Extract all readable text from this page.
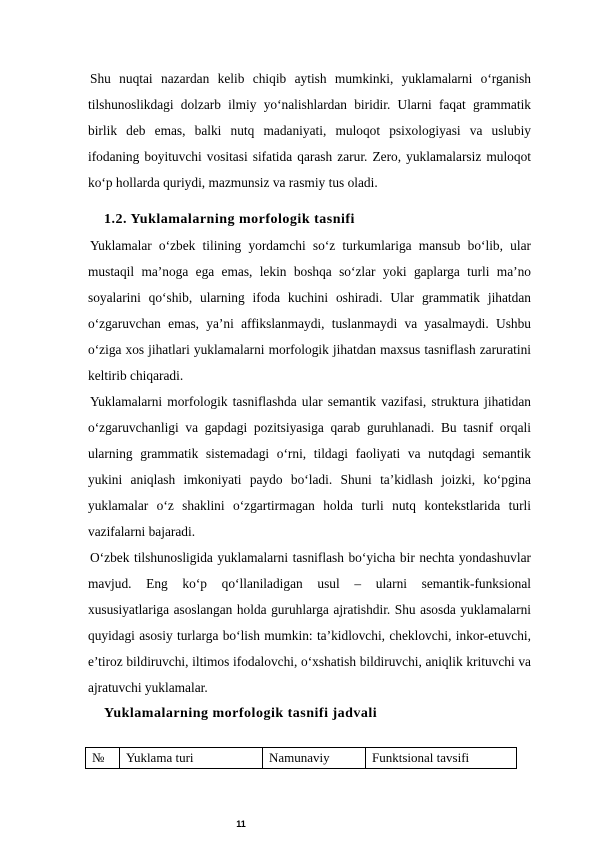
Shu nuqtai nazardan kelib chiqib aytish mumkinki, yuklamalarni o‘rganish tilshunoslikdagi dolzarb ilmiy yo‘nalishlardan biridir. Ularni faqat grammatik birlik deb emas, balki nutq madaniyati, muloqot psixologiyasi va uslubiy ifodaning boyituvchi vositasi sifatida qarash zarur. Zero, yuklamalarsiz muloqot ko‘p hollarda quriydi, mazmunsiz va rasmiy tus oladi.

1.2. Yuklamalarning morfologik tasnifi

Yuklamalar o‘zbek tilining yordamchi so‘z turkumlariga mansub bo‘lib, ular mustaqil ma’noga ega emas, lekin boshqa so‘zlar yoki gaplarga turli ma’no soyalarini qo‘shib, ularning ifoda kuchini oshiradi. Ular grammatik jihatdan o‘zgaruvchan emas, ya’ni affikslanmaydi, tuslanmaydi va yasalmaydi. Ushbu o‘ziga xos jihatlari yuklamalarni morfologik jihatdan maxsus tasniflash zaruratini keltirib chiqaradi.

Yuklamalarni morfologik tasniflashda ular semantik vazifasi, struktura jihatidan o‘zgaruvchanligi va gapdagi pozitsiyasiga qarab guruhlanadi. Bu tasnif orqali ularning grammatik sistemadagi o‘rni, tildagi faoliyati va nutqdagi semantik yukini aniqlash imkoniyati paydo bo‘ladi. Shuni ta’kidlash joizki, ko‘pgina yuklamalar o‘z shaklini o‘zgartirmagan holda turli nutq kontekstlarida turli vazifalarni bajaradi.

O‘zbek tilshunosligida yuklamalarni tasniflash bo‘yicha bir nechta yondashuvlar mavjud. Eng ko‘p qo‘llaniladigan usul – ularni semantik-funksional xususiyatlariga asoslangan holda guruhlarga ajratishdir. Shu asosda yuklamalarni quyidagi asosiy turlarga bo‘lish mumkin: ta’kidlovchi, cheklovchi, inkor-etuvchi, e’tiroz bildiruvchi, iltimos ifodalovchi, o‘xshatish bildiruvchi, aniqlik krituvchi va ajratuvchi yuklamalar.

Yuklamalarning morfologik tasnifi jadvali

№	Yuklama turi	Namunaviy	Funktsional tavsifi
11
